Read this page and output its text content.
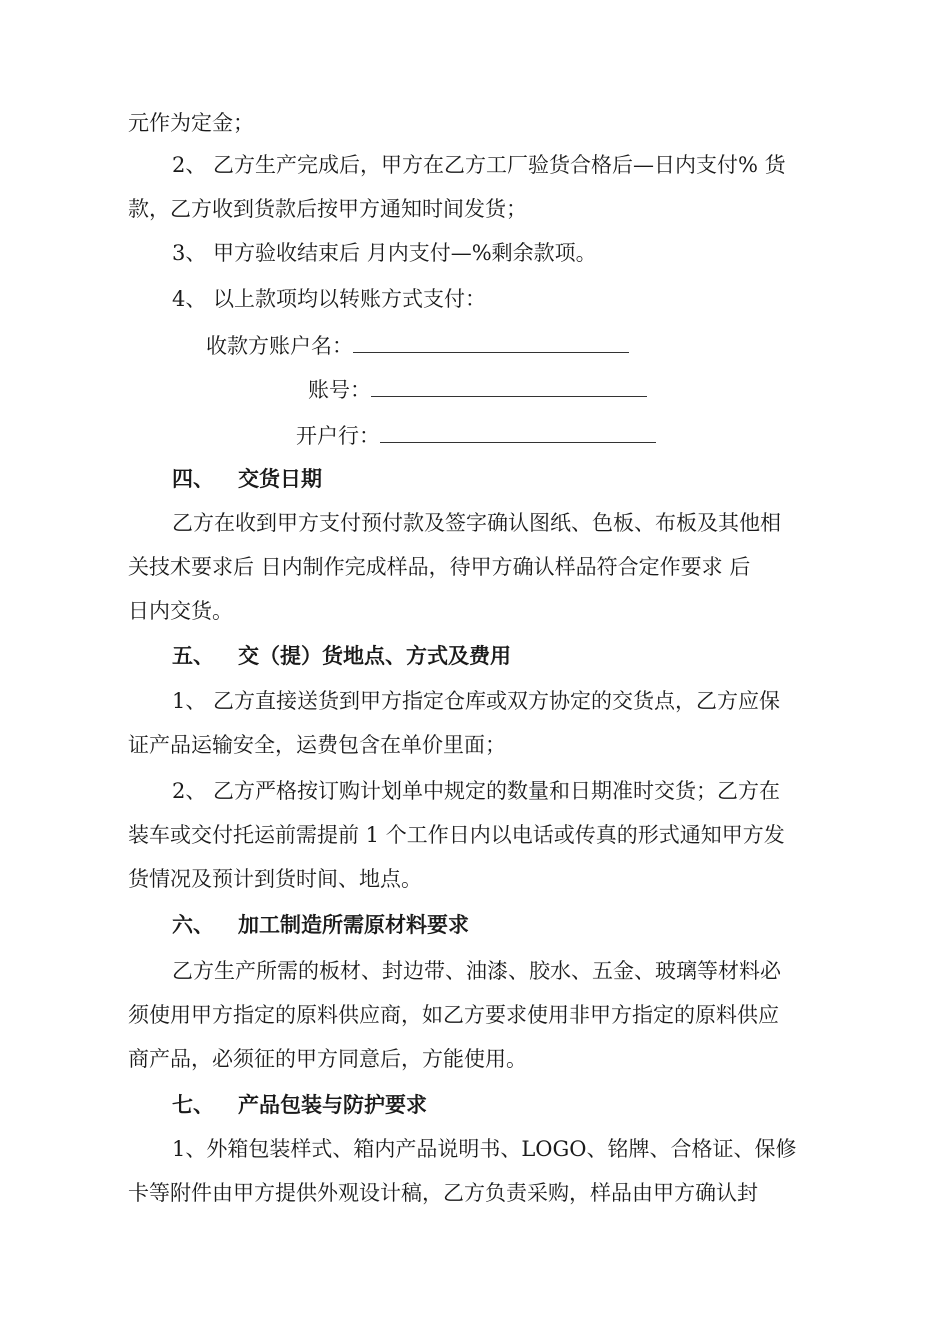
元作为定金；
2、 乙方生产完成后，甲方在乙方工厂验货合格后—日内支付% 货
款，乙方收到货款后按甲方通知时间发货；
3、 甲方验收结束后 月内支付—%剩余款项。
4、 以上款项均以转账方式支付：
收款方账户名：
账号：
开户行：
四、 交货日期
乙方在收到甲方支付预付款及签字确认图纸、色板、布板及其他相
关技术要求后 日内制作完成样品，待甲方确认样品符合定作要求 后
日内交货。
五、 交（提）货地点、方式及费用
1、 乙方直接送货到甲方指定仓库或双方协定的交货点，乙方应保
证产品运输安全，运费包含在单价里面；
2、 乙方严格按订购计划单中规定的数量和日期准时交货；乙方在
装车或交付托运前需提前 1 个工作日内以电话或传真的形式通知甲方发
货情况及预计到货时间、地点。
六、 加工制造所需原材料要求
乙方生产所需的板材、封边带、油漆、胶水、五金、玻璃等材料必
须使用甲方指定的原料供应商，如乙方要求使用非甲方指定的原料供应
商产品，必须征的甲方同意后，方能使用。
七、 产品包装与防护要求
1、外箱包装样式、箱内产品说明书、LOGO、铭牌、合格证、保修
卡等附件由甲方提供外观设计稿，乙方负责采购，样品由甲方确认封
